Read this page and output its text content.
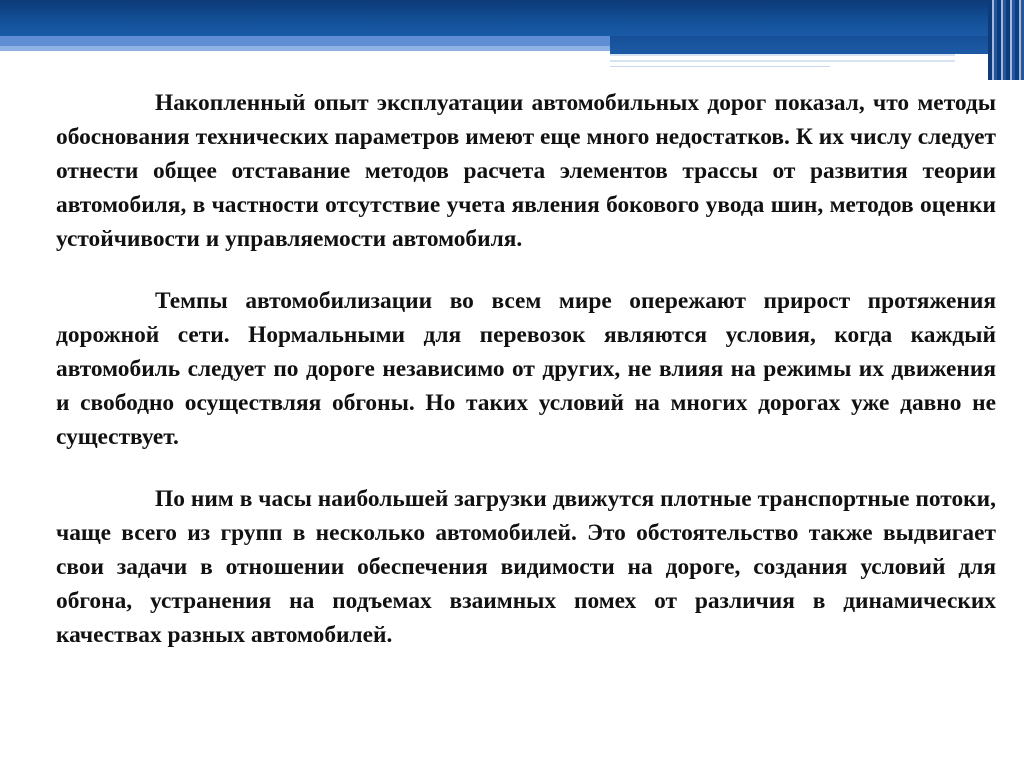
Накопленный опыт эксплуатации автомобильных дорог показал, что методы обоснования технических параметров имеют еще много недостатков. К их числу следует отнести общее отставание методов расчета элементов трассы от развития теории автомобиля, в частности отсутствие учета явления бокового увода шин, методов оценки устойчивости и управляемости автомобиля.

Темпы автомобилизации во всем мире опережают прирост протяжения дорожной сети. Нормальными для перевозок являются условия, когда каждый автомобиль следует по дороге независимо от других, не влияя на режимы их движения и свободно осуществляя обгоны. Но таких условий на многих дорогах уже давно не существует.

По ним в часы наибольшей загрузки движутся плотные транспортные потоки, чаще всего из групп в несколько автомобилей. Это обстоятельство также выдвигает свои задачи в отношении обеспечения видимости на дороге, создания условий для обгона, устранения на подъемах взаимных помех от различия в динамических качествах разных автомобилей.
